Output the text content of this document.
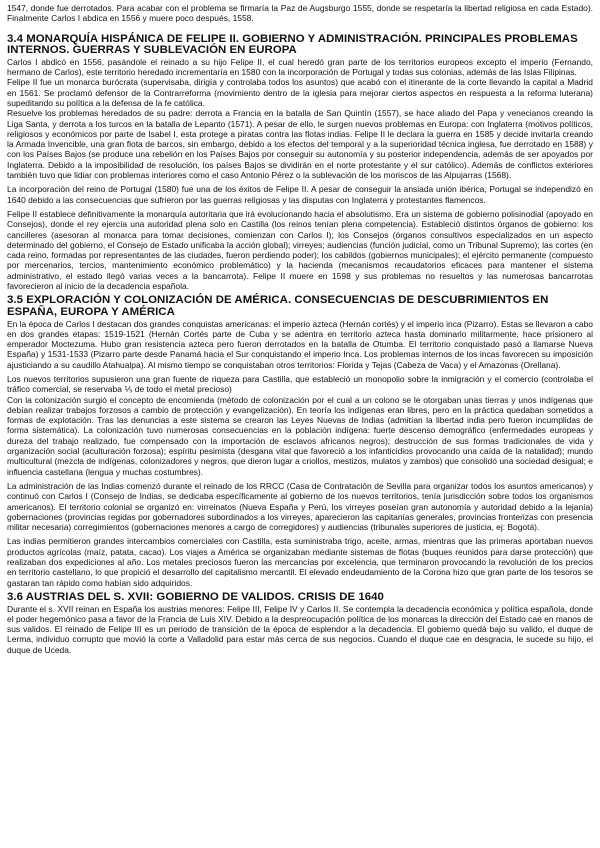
1547, donde fue derrotados. Para acabar con el problema se firmaría la Paz de Augsburgo 1555, donde se respetaría la libertad religiosa en cada Estado). Finalmente Carlos I abdica en 1556 y muere poco después, 1558.

3.4 MONARQUÍA HISPÁNICA DE FELIPE II. GOBIERNO Y ADMINISTRACIÓN. PRINCIPALES PROBLEMAS INTERNOS. GUERRAS Y SUBLEVACIÓN EN EUROPA

Carlos I abdicó en 1556, pasándole el reinado a su hijo Felipe II, el cual heredó gran parte de los territorios europeos excepto el imperio (Fernando, hermano de Carlos), este territorio heredado incrementaría en 1580 con la incorporación de Portugal y todas sus colonias, además de las Islas Filipinas.

Felipe II fue un monarca burócrata (supervisaba, dirigía y controlaba todos los asuntos) que acabó con el itinerante de la corte llevando la capital a Madrid en 1561. Se proclamó defensor de la Contrarreforma (movimiento dentro de la iglesia para mejorar ciertos aspectos en respuesta a la reforma luterana) supeditando su política a la defensa de la fe católica.

Resuelve los problemas heredados de su padre: derrota a Francia en la batalla de San Quintín (1557), se hace aliado del Papa y venecianos creando la Liga Santa, y derrota a los turcos en la batalla de Lepanto (1571). A pesar de ello, le surgen nuevos problemas en Europa: con Inglaterra (motivos políticos, religiosos y económicos por parte de Isabel I, esta protege a piratas contra las flotas indias. Felipe II le declara la guerra en 1585 y decide invitarla creando la Armada Invencible, una gran flota de barcos, sin embargo, debido a los efectos del temporal y a la superioridad técnica inglesa, fue derrotado en 1588) y con los Países Bajos (se produce una rebelión en los Países Bajos por conseguir su autonomía y su posterior independencia, además de ser apoyados por Inglaterra. Debido a la imposibilidad de resolución, los países Bajos se dividirán en el norte protestante y el sur católico). Además de conflictos exteriores también tuvo que lidiar con problemas interiores como el caso Antonio Pérez o la sublevación de los moriscos de las Alpujarras (1568).

La incorporación del reino de Portugal (1580) fue una de los éxitos de Felipe II. A pesar de conseguir la ansiada unión ibérica, Portugal se independizó en 1640 debido a las consecuencias que sufrieron por las guerras religiosas y las disputas con Inglaterra y protestantes flamencos.

Felipe II establece definitivamente la monarquía autoritaria que irá evolucionando hacia el absolutismo. Era un sistema de gobierno polisinodial (apoyado en Consejos), donde el rey ejercía una autoridad plena solo en Castilla (los reinos tenían plena competencia). Estableció distintos órganos de gobierno: los cancilleres (asesoran al monarca para tomar decisiones, comienzan con Carlos I); los Consejos (órganos consultivos especializados en un aspecto determinado del gobierno, el Consejo de Estado unificaba la acción global); virreyes; audiencias (función judicial, como un Tribunal Supremo); las cortes (en cada reino, formadas por representantes de las ciudades, fueron perdiendo poder); los cabildos (gobiernos municipales); el ejército permanente (compuesto por mercenarios, tercios, mantenimiento económico problemático) y la hacienda (mecanismos recaudatorios eficaces para mantener el sistema administrativo, el estado llegó varias veces a la bancarrota). Felipe II muere en 1598 y sus problemas no resueltos y las numerosas bancarrotas favorecieron al inicio de la decadencia española.

3.5 EXPLORACIÓN Y COLONIZACIÓN DE AMÉRICA. CONSECUENCIAS DE DESCUBRIMIENTOS EN ESPAÑA, EUROPA Y AMÉRICA

En la época de Carlos I destacan dos grandes conquistas americanas: el imperio azteca (Hernán cortés) y el imperio inca (Pizarro). Estas se llevaron a cabo en dos grandes etapas: 1519-1521 (Hernán Cortés parte de Cuba y se adentra en territorio azteca hasta dominarlo militarmente, hace prisionero al emperador Moctezuma. Hubo gran resistencia azteca pero fueron derrotados en la batalla de Otumba. El territorio conquistado pasó a llamarse Nueva España) y 1531-1533 (Pizarro parte desde Panamá hacia el Sur conquistando el imperio Inca. Los problemas internos de los incas favorecen su imposición ajusticiando a su caudillo Atahualpa). Al mismo tiempo se conquistaban otros territorios: Florida y Tejas (Cabeza de Vaca) y el Amazonas (Orellana).

Los nuevos territorios supusieron una gran fuente de riqueza para Castilla, que estableció un monopolio sobre la inmigración y el comercio (controlaba el tráfico comercial, se reservaba ⅕ de todo el metal precioso)
Con la colonización surgió el concepto de encomienda (método de colonización por el cual a un colono se le otorgaban unas tierras y unos indígenas que debían realizar trabajos forzosos a cambio de protección y evangelización). En teoría los indígenas eran libres, pero en la práctica quedaban sometidos a formas de explotación. Tras las denuncias a este sistema se crearon las Leyes Nuevas de Indias (admitían la libertad india pero fueron incumplidas de forma sistemática). La colonización tuvo numerosas consecuencias en la población indígena: fuerte descenso demográfico (enfermedades europeas y dureza del trabajo realizado, fue compensado con la importación de esclavos africanos negros); destrucción de sus formas tradicionales de vida y organización social (aculturación forzosa); espíritu pesimista (desgana vital que favoreció a los infanticidios provocando una caída de la natalidad); mundo multicultural (mezcla de indígenas, colonizadores y negros, que dieron lugar a criollos, mestizos, mulatos y zambos) que consolidó una sociedad desigual; e influencia castellana (lengua y muchas costumbres).

La administración de las Indias comenzó durante el reinado de los RRCC (Casa de Contratación de Sevilla para organizar todos los asuntos americanos) y continuó con Carlos I (Consejo de Indias, se dedicaba específicamente al gobierno de los nuevos territorios, tenía jurisdicción sobre todos los organismos americanos). El territorio colonial se organizó en: virreinatos (Nueva España y Perú, los virreyes poseían gran autonomía y autoridad debido a la lejanía) gobernaciones (provincias regidas por gobernadores subordinados a los virreyes, aparecieron las capitanías generales, provincias fronterizas con presencia militar necesaria) corregimientos (gobernaciones menores a cargo de corregidores) y audiencias (tribunales superiores de justicia, ej: Bogotá).

Las indias permitieron grandes intercambios comerciales con Castilla, esta suministraba trigo, aceite, armas, mientras que las primeras aportaban nuevos productos agrícolas (maíz, patata, cacao). Los viajes a América se organizaban mediante sistemas de flotas (buques reunidos para darse protección) que realizaban dos expediciones al año. Los metales preciosos fueron las mercancías por excelencia, que terminaron provocando la revolución de los precios en territorio castellano, lo que propició el desarrollo del capitalismo mercantil. El elevado endeudamiento de la Corona hizo que gran parte de los tesoros se gastaran tan rápido como habían sido adquiridos.

3.6 AUSTRIAS DEL S. XVII: GOBIERNO DE VALIDOS. CRISIS DE 1640

Durante el s. XVII reinan en España los austrias menores: Felipe III, Felipe IV y Carlos II. Se contempla la decadencia económica y política española, donde el poder hegemónico pasa a favor de la Francia de Luis XIV. Debido a la despreocupación política de los monarcas la dirección del Estado cae en manos de sus validos. El reinado de Felipe III es un periodo de transición de la época de esplendor a la decadencia. El gobierno quedá bajo su valido, el duque de Lerma, individuo corrupto que movió la corte a Valladolid para estar más cerca de sus negocios. Cuando el duque cae en desgracia, le sucede su hijo, el duque de Uceda.
